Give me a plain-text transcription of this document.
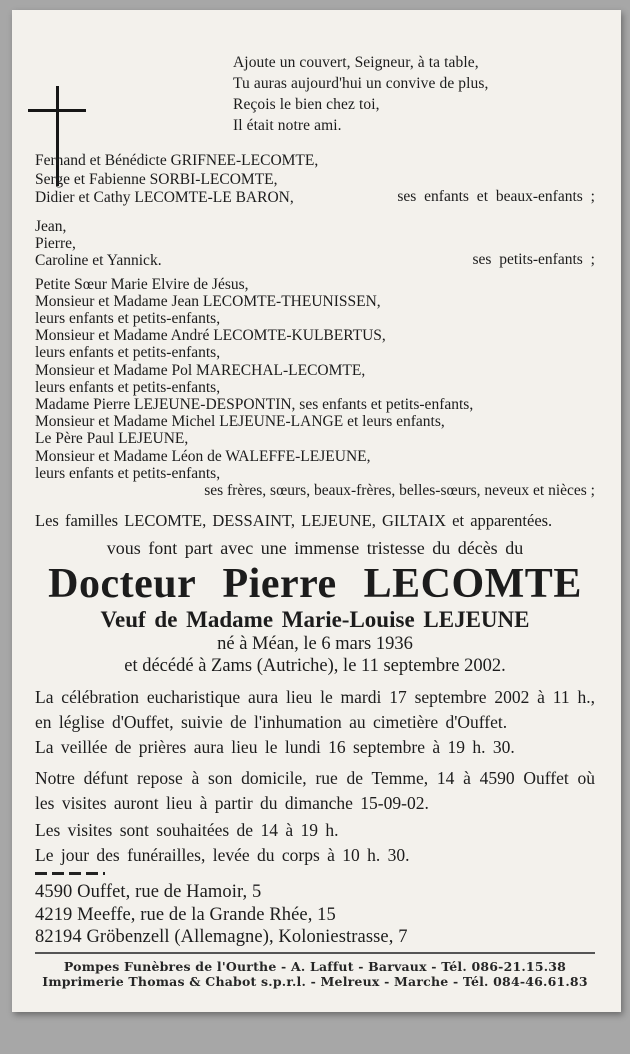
Ajoute un couvert, Seigneur, à ta table,
Tu auras aujourd'hui un convive de plus,
Reçois le bien chez toi,
Il était notre ami.
Fernand et Bénédicte GRIFNEE-LECOMTE,
Serge et Fabienne SORBI-LECOMTE,
Didier et Cathy LECOMTE-LE BARON,	ses enfants et beaux-enfants ;
Jean,
Pierre,
Caroline et Yannick.	ses petits-enfants ;
Petite Sœur Marie Elvire de Jésus,
Monsieur et Madame Jean LECOMTE-THEUNISSEN,
leurs enfants et petits-enfants,
Monsieur et Madame André LECOMTE-KULBERTUS,
leurs enfants et petits-enfants,
Monsieur et Madame Pol MARECHAL-LECOMTE,
leurs enfants et petits-enfants,
Madame Pierre LEJEUNE-DESPONTIN, ses enfants et petits-enfants,
Monsieur et Madame Michel LEJEUNE-LANGE et leurs enfants,
Le Père Paul LEJEUNE,
Monsieur et Madame Léon de WALEFFE-LEJEUNE,
leurs enfants et petits-enfants,
ses frères, sœurs, beaux-frères, belles-sœurs, neveux et nièces ;
Les familles LECOMTE, DESSAINT, LEJEUNE, GILTAIX et apparentées.
vous font part avec une immense tristesse du décès du
Docteur Pierre LECOMTE
Veuf de Madame Marie-Louise LEJEUNE
né à Méan, le 6 mars 1936
et décédé à Zams (Autriche), le 11 septembre 2002.

La célébration eucharistique aura lieu le mardi 17 septembre 2002 à 11 h., en léglise d'Ouffet, suivie de l'inhumation au cimetière d'Ouffet.

La veillée de prières aura lieu le lundi 16 septembre à 19 h. 30.

Notre défunt repose à son domicile, rue de Temme, 14 à 4590 Ouffet où les visites auront lieu à partir du dimanche 15-09-02.

Les visites sont souhaitées de 14 à 19 h.

Le jour des funérailles, levée du corps à 10 h. 30.

4590 Ouffet, rue de Hamoir, 5
4219 Meeffe, rue de la Grande Rhée, 15
82194 Gröbenzell (Allemagne), Koloniestrasse, 7
Pompes Funèbres de l'Ourthe - A. Laffut - Barvaux - Tél. 086-21.15.38
Imprimerie Thomas & Chabot s.p.r.l. - Melreux - Marche - Tél. 084-46.61.83
